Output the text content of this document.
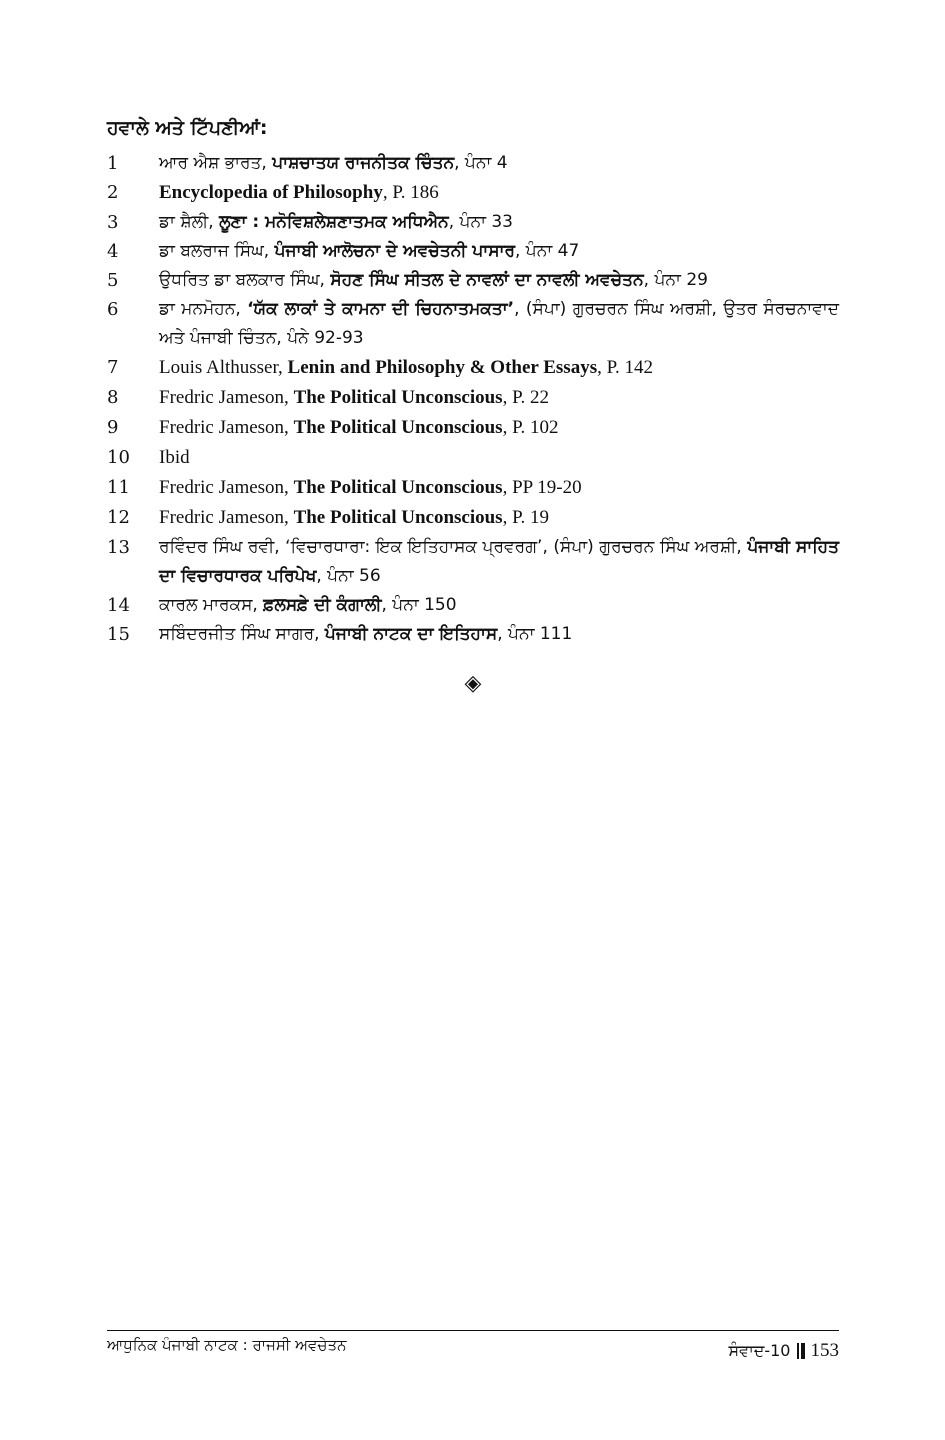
ਹਵਾਲੇ ਅਤੇ ਟਿੱਪਣੀਆਂ:
1	ਆਰ ਐਸ਼ ਭਾਰਤ, ਪਾਸ਼ਚਾਤਯ ਰਾਜਨੀਤਕ ਚਿੰਤਨ, ਪੰਨਾ 4
2	Encyclopedia of Philosophy, P. 186
3	ਡਾ ਸ਼ੈਲੀ, ਲੂਣਾ : ਮਨੋਵਿਸ਼ਲੇਸ਼ਣਾਤਮਕ ਅਧਿਐਨ, ਪੰਨਾ 33
4	ਡਾ ਬਲਰਾਜ ਸਿੰਘ, ਪੰਜਾਬੀ ਆਲੋਚਨਾ ਦੇ ਅਵਚੇਤਨੀ ਪਾਸਾਰ, ਪੰਨਾ 47
5	ਉਧਰਿਤ ਡਾ ਬਲਕਾਰ ਸਿੰਘ, ਸੋਹਣ ਸਿੰਘ ਸੀਤਲ ਦੇ ਨਾਵਲਾਂ ਦਾ ਨਾਵਲੀ ਅਵਚੇਤਨ, ਪੰਨਾ 29
6	ਡਾ ਮਨਮੋਹਨ, ‘ਯੱਕ ਲਾਕਾਂ ਤੇ ਕਾਮਨਾ ਦੀ ਚਿਹਨਾਤਮਕਤਾ’, (ਸੰਪਾ) ਗੁਰਚਰਨ ਸਿੰਘ ਅਰਸ਼ੀ, ਉਤਰ ਸੰਰਚਨਾਵਾਦ ਅਤੇ ਪੰਜਾਬੀ ਚਿੰਤਨ, ਪੰਨੇ 92-93
7	Louis Althusser, Lenin and Philosophy & Other Essays, P. 142
8	Fredric Jameson, The Political Unconscious, P. 22
9	Fredric Jameson, The Political Unconscious, P. 102
10	Ibid
11	Fredric Jameson, The Political Unconscious, PP 19-20
12	Fredric Jameson, The Political Unconscious, P. 19
13	ਰਵਿੰਦਰ ਸਿੰਘ ਰਵੀ, ‘ਵਿਚਾਰਧਾਰਾ: ਇਕ ਇਤਿਹਾਸਕ ਪ੍ਰਵਰਗ’, (ਸੰਪਾ) ਗੁਰਚਰਨ ਸਿੰਘ ਅਰਸ਼ੀ, ਪੰਜਾਬੀ ਸਾਹਿਤ ਦਾ ਵਿਚਾਰਧਾਰਕ ਪਰਿਪੇਖ, ਪੰਨਾ 56
14	ਕਾਰਲ ਮਾਰਕਸ, ਫ਼ਲਸਫ਼ੇ ਦੀ ਕੰਗਾਲੀ, ਪੰਨਾ 150
15	ਸਬਿੰਦਰਜੀਤ ਸਿੰਘ ਸਾਗਰ, ਪੰਜਾਬੀ ਨਾਟਕ ਦਾ ਇਤਿਹਾਸ, ਪੰਨਾ 111
◈
ਆਧੁਨਿਕ ਪੰਜਾਬੀ ਨਾਟਕ : ਰਾਜਸੀ ਅਵਚੇਤਨ	ਸੰਵਾਦ-10 153
